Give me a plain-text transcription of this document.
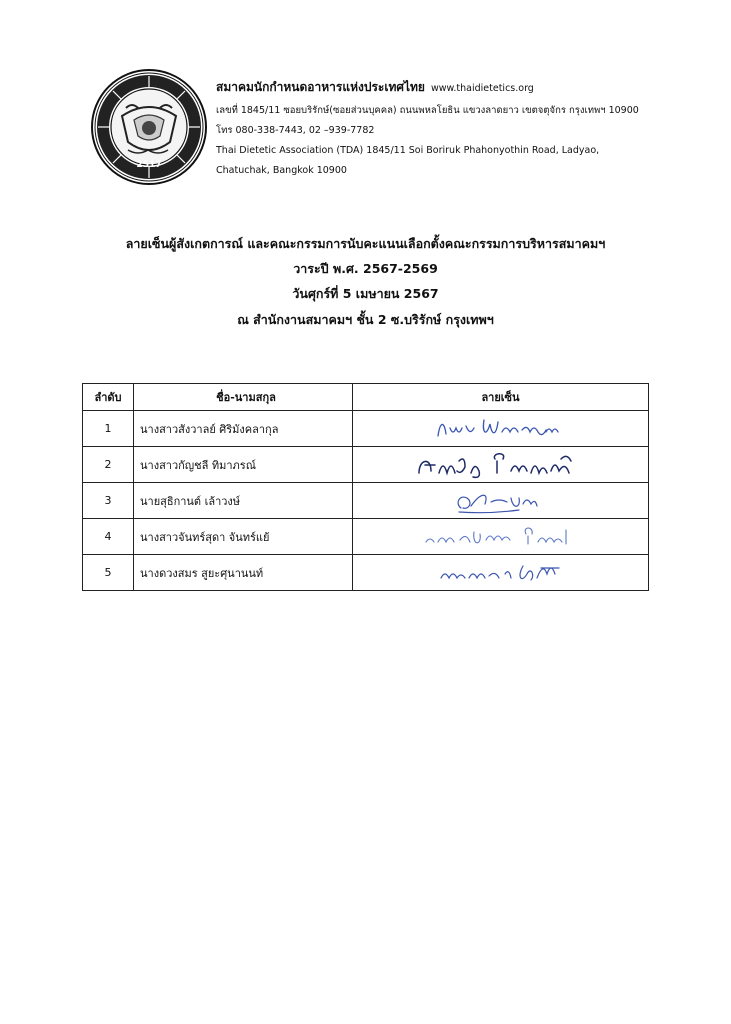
2517
สมาคมนักกำหนดอาหารแห่งประเทศไทย www.thaidietetics.org
เลขที่ 1845/11 ซอยบริรักษ์(ซอยส่วนบุคคล) ถนนพหลโยธิน แขวงลาดยาว เขตจตุจักร กรุงเทพฯ 10900
โทร 080-338-7443, 02 –939-7782
Thai Dietetic Association (TDA) 1845/11 Soi Boriruk Phahonyothin Road, Ladyao,
Chatuchak, Bangkok 10900
ลายเซ็นผู้สังเกตการณ์ และคณะกรรมการนับคะแนนเลือกตั้งคณะกรรมการบริหารสมาคมฯ
วาระปี พ.ศ. 2567-2569
วันศุกร์ที่ 5 เมษายน 2567
ณ สำนักงานสมาคมฯ ชั้น 2 ซ.บริรักษ์ กรุงเทพฯ
ลำดับ	ชื่อ-นามสกุล	ลายเซ็น
1	นางสาวสังวาลย์ ศิริมังคลากุล	

2	นางสาวกัญชลี ทิมาภรณ์	

3	นายสุธิกานต์ เล้าวงษ์	

4	นางสาวจันทร์สุดา จันทร์แย้	

5	นางดวงสมร สูยะศุนานนท์	
